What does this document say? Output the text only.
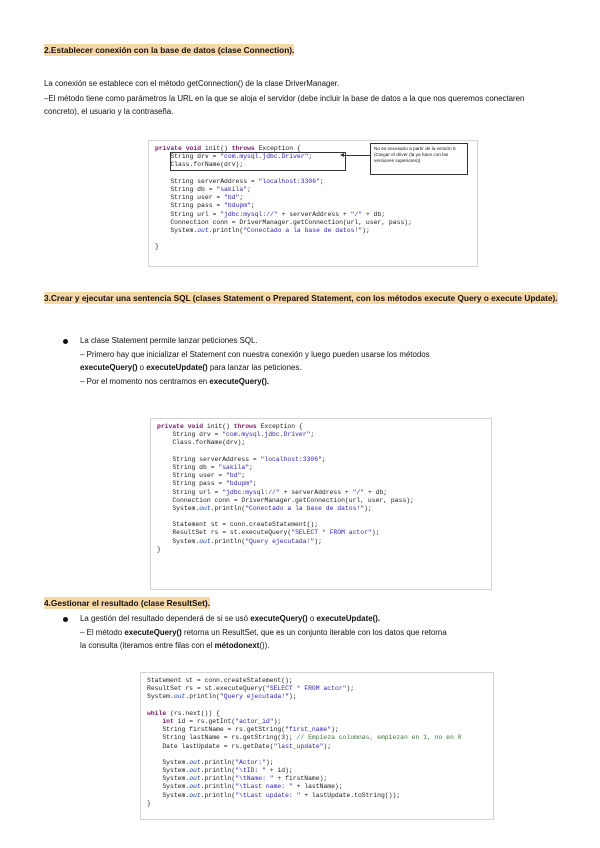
2.Establecer conexión con la base de datos (clase Connection).
La conexión se establece con el método getConnection() de la clase DriverManager.
–El método tiene como parámetros la URL en la que se aloja el servidor (debe incluir la base de datos a la que nos queremos conectaren concreto), el usuario y la contraseña.
private void init() throws Exception {
String drv = "com.mysql.jdbc.Driver";
Class.forName(drv);

String serverAddress = "localhost:3306";
String db = "sakila";
String user = "bd";
String pass = "bdupm";
String url = "jdbc:mysql://" + serverAddress + "/" + db;
Connection conn = DriverManager.getConnection(url, user, pass);
System.out.println("Conectado a la base de datos!");

}
No es necesario a partir de la versión 6 (Cargar el driver (la ya hace con las versiones superiores))
3.Crear y ejecutar una sentencia SQL (clases Statement o Prepared Statement, con los métodos execute Query o execute Update).
La clase Statement permite lanzar peticiones SQL.
– Primero hay que inicializar el Statement con nuestra conexión y luego pueden usarse los métodos
executeQuery() o executeUpdate() para lanzar las peticiones.
– Por el momento nos centramos en executeQuery().
private void init() throws Exception {
String drv = "com.mysql.jdbc.Driver";
Class.forName(drv);

String serverAddress = "localhost:3306";
String db = "sakila";
String user = "bd";
String pass = "bdupm";
String url = "jdbc:mysql://" + serverAddress + "/" + db;
Connection conn = DriverManager.getConnection(url, user, pass);
System.out.println("Conectado a la base de datos!");

Statement st = conn.createStatement();
ResultSet rs = st.executeQuery("SELECT * FROM actor");
System.out.println("Query ejecutada!");
}
4.Gestionar el resultado (clase ResultSet).
La gestión del resultado dependerá de si se usó executeQuery() o executeUpdate().
– El método executeQuery() retorna un ResultSet, que es un conjunto iterable con los datos que retorna
la consulta (iteramos entre filas con el métodonext()).
Statement st = conn.createStatement();
ResultSet rs = st.executeQuery("SELECT * FROM actor");
System.out.println("Query ejecutada!");

while (rs.next()) {
int id = rs.getInt("actor_id");
String firstName = rs.getString("first_name");
String lastName = rs.getString(3); // Empieza columnas, empiezan en 1, no en 0
Date lastUpdate = rs.getDate("last_update");

System.out.println("Actor:");
System.out.println("\tID: " + id);
System.out.println("\tName: " + firstName);
System.out.println("\tLast name: " + lastName);
System.out.println("\tLast update: " + lastUpdate.toString());
}
